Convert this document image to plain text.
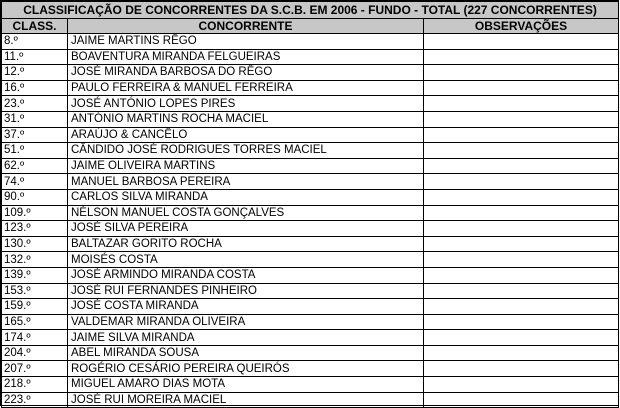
CLASSIFICAÇÃO DE CONCORRENTES DA S.C.B. EM 2006 - FUNDO - TOTAL (227 CONCORRENTES)		
CLASS.	CONCORRENTE	OBSERVAÇÕES
8.º	JAIME MARTINS RÊGO	
11.º	BOAVENTURA MIRANDA FELGUEIRAS	
12.º	JOSÉ MIRANDA BARBOSA DO RÊGO	
16.º	PAULO FERREIRA & MANUEL FERREIRA	
23.º	JOSÉ ANTÓNIO LOPES PIRES	
31.º	ANTÓNIO MARTINS ROCHA MACIEL	
37.º	ARAÚJO & CANCÊLO	
51.º	CÂNDIDO JOSÉ RODRIGUES TORRES MACIEL	
62.º	JAIME OLIVEIRA MARTINS	
74.º	MANUEL BARBOSA PEREIRA	
90.º	CARLOS SILVA MIRANDA	
109.º	NÉLSON MANUEL COSTA GONÇALVES	
123.º	JOSÉ SILVA PEREIRA	
130.º	BALTAZAR GORITO ROCHA	
132.º	MOISÉS COSTA	
139.º	JOSÉ ARMINDO MIRANDA COSTA	
153.º	JOSÉ RUI FERNANDES PINHEIRO	
159.º	JOSÉ COSTA MIRANDA	
165.º	VALDEMAR MIRANDA OLIVEIRA	
174.º	JAIME SILVA MIRANDA	
204.º	ABEL MIRANDA SOUSA	
207.º	ROGÉRIO CESÁRIO PEREIRA QUEIRÓS	
218.º	MIGUEL AMARO DIAS MOTA	
223.º	JOSÉ RUI MOREIRA MACIEL	
